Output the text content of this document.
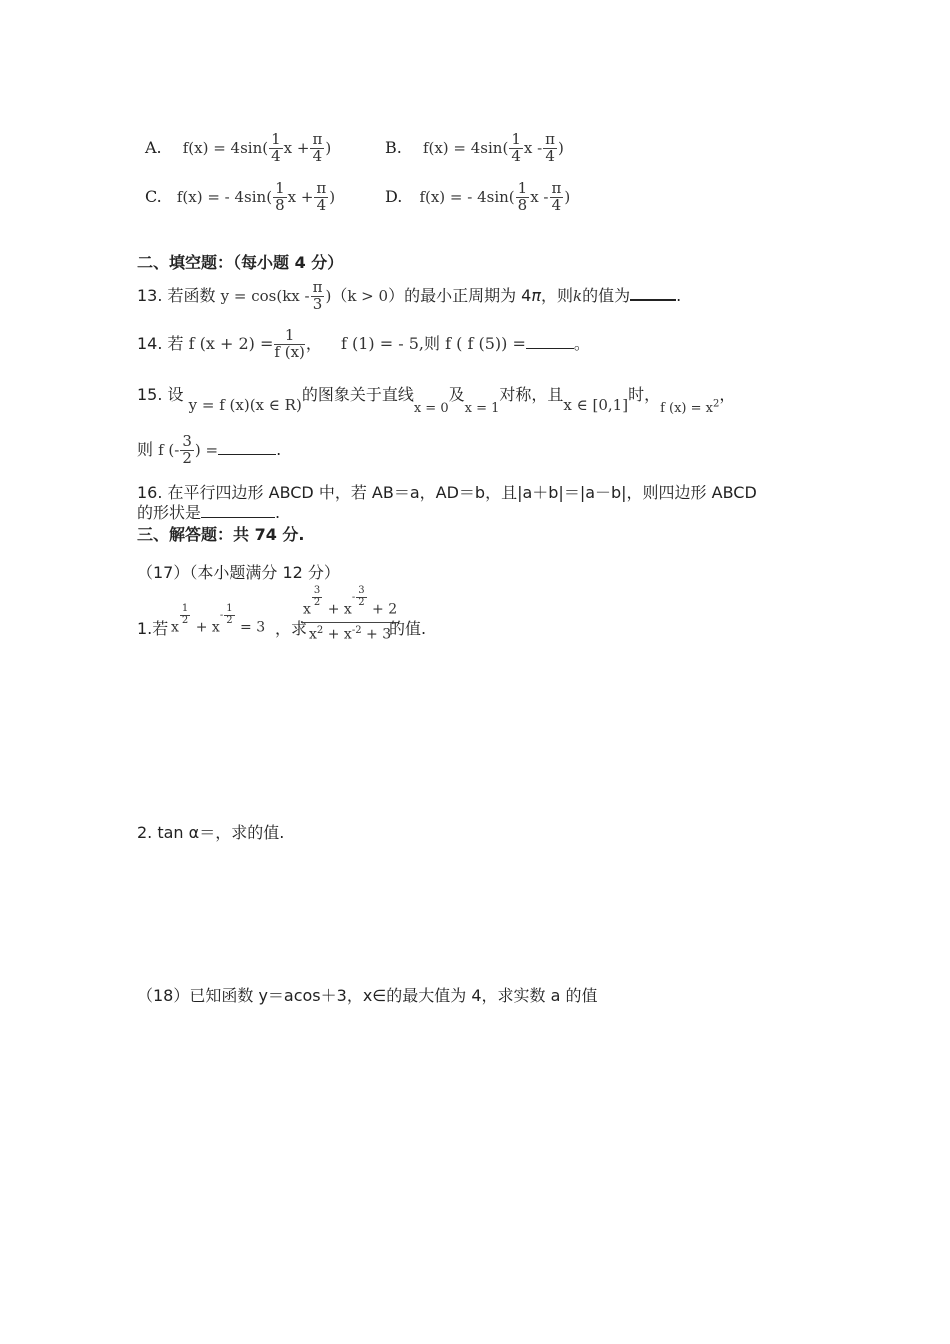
A. $f(x) = 4\sin( \frac{1}{4}$ $x + \frac{\pi}{4}$ )	B. $f(x) = 4\sin( \frac{1}{4}$ x - $\frac{\pi}{4}$ )
C. f(x) = - $4\sin( \frac{1}{8}$ $x + \frac{\pi}{4}$ )	D. f(x) = - $4\sin( \frac{1}{8}$ x - $\frac{\pi}{4}$ )
二、填空题：（每小题 4 分）
13. 若函数 $y = \cos(kx - \frac{\pi}{3} )(k > 0)$的最小正周期为 4π，则k的值为	.
14. 若 f $(x + 2) = \frac{1}{f (x)}$ ， f (1) = - 5,则 f ( f (5)) =	。
15. 设 y = f (x)(x ∈ R)的图象关于直线$_{x = 0}$及$_{x = 1}$对称，且x ∈ [0,1]时，$_{f (x) = x^2}$，
则 f (- $\frac{3}{2}$ ) =	.
16. 在平行四边形 ABCD 中，若 AB＝a，AD＝b，且|a＋b|＝|a－b|，则四边形 ABCD
的形状是	.
三、解答题：共 74 分.
（17）（本小题满分 12 分）
1.若 x
$^{\frac{1}{2}}$
+ $x^{- \frac{1}{2}}$
= 3 ，求
x
$^{\frac{3}{2}}$
+ $x^{- \frac{3}{2}}$
+ 2
$x^2 + x^{-2} + 3$
的值.
2. tan α＝，求的值.
（18）已知函数 y＝acos＋3，x∈的最大值为 4，求实数 a 的值
